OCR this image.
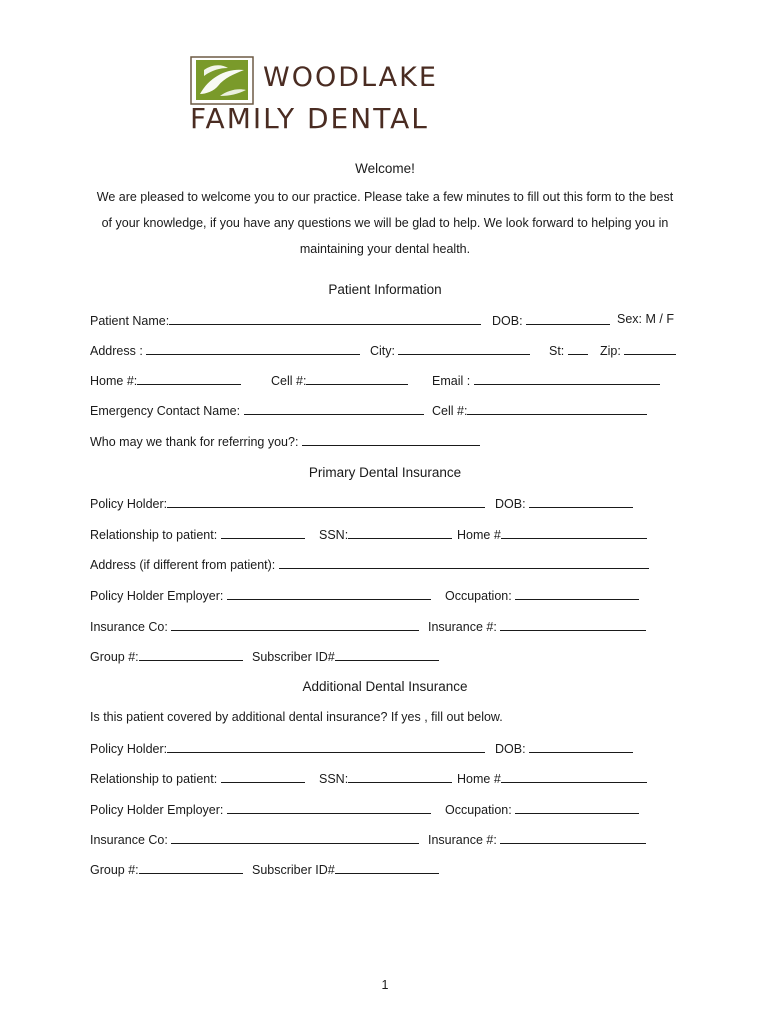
WOODLAKE
FAMILY DENTAL
Welcome!
We are pleased to welcome you to our practice. Please take a few minutes to fill out this form to the best of your knowledge, if you have any questions we will be glad to help. We look forward to helping you in maintaining your dental health.
Patient Information
Patient Name:	DOB:	Sex: M / F
Address :	City:	St:	Zip:
Home #:	Cell #:	Email :
Emergency Contact Name:	Cell #:
Who may we thank for referring you?:
Primary Dental Insurance
Policy Holder:	DOB:
Relationship to patient:	SSN:	Home #
Address (if different from patient):
Policy Holder Employer:	Occupation:
Insurance Co:	Insurance #:
Group #:	Subscriber ID#
Additional Dental Insurance
Is this patient covered by additional dental insurance? If yes , fill out below.
Policy Holder:	DOB:
Relationship to patient:	SSN:	Home #
Policy Holder Employer:	Occupation:
Insurance Co:	Insurance #:
Group #:	Subscriber ID#
1
